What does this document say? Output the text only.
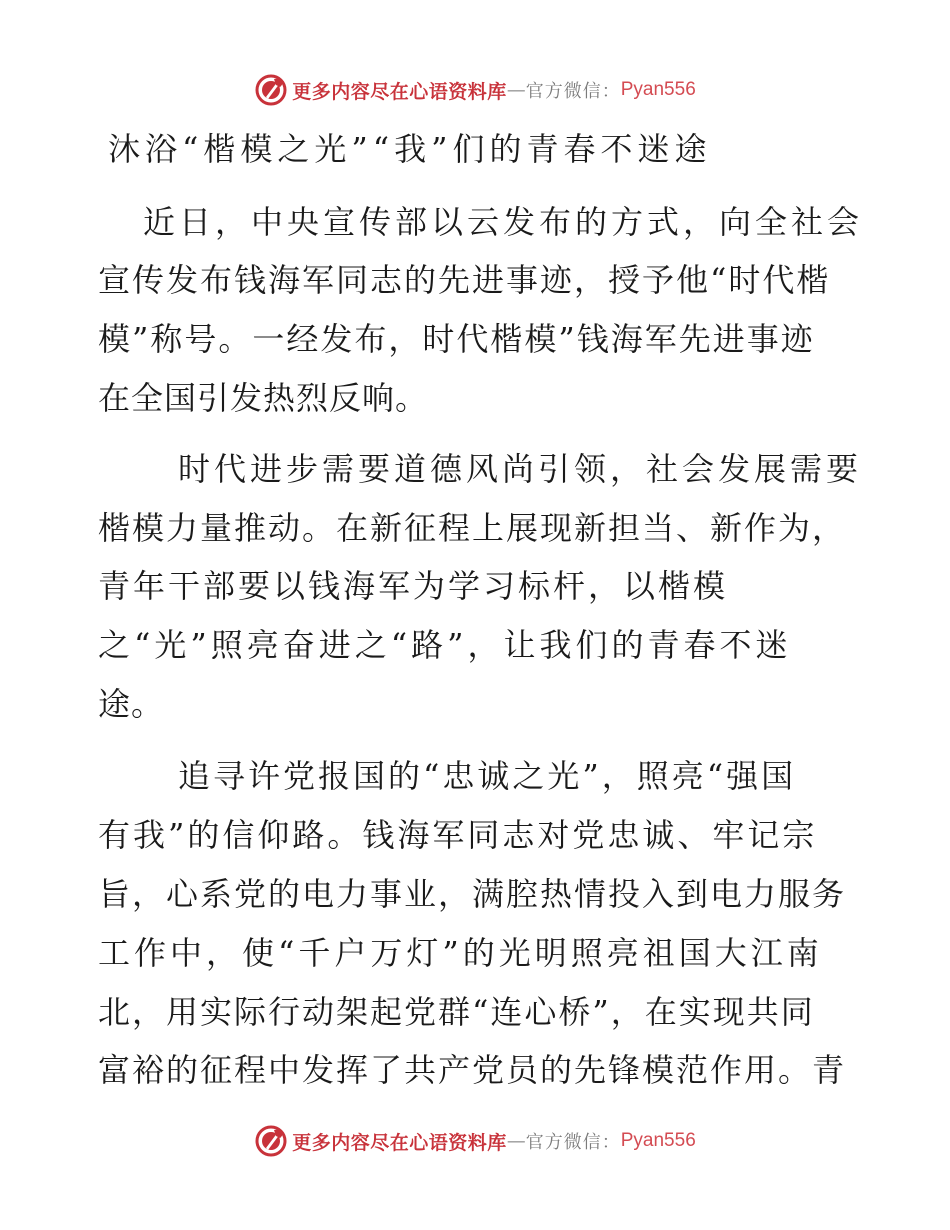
更多内容尽在心语资料库 — 官方微信： Pyan556
沐浴“楷模之光”“我”们的青春不迷途

近日，中央宣传部以云发布的方式，向全社会

宣传发布钱海军同志的先进事迹，授予他“时代楷

模”称号。一经发布，时代楷模”钱海军先进事迹

在全国引发热烈反响。

时代进步需要道德风尚引领，社会发展需要

楷模力量推动。在新征程上展现新担当、新作为，

青年干部要以钱海军为学习标杆，以楷模

之“光”照亮奋进之“路”，让我们的青春不迷

途。

追寻许党报国的“忠诚之光”，照亮“强国

有我”的信仰路。钱海军同志对党忠诚、牢记宗

旨，心系党的电力事业，满腔热情投入到电力服务

工作中，使“千户万灯”的光明照亮祖国大江南

北，用实际行动架起党群“连心桥”，在实现共同

富裕的征程中发挥了共产党员的先锋模范作用。青

更多内容尽在心语资料库 — 官方微信： Pyan556
